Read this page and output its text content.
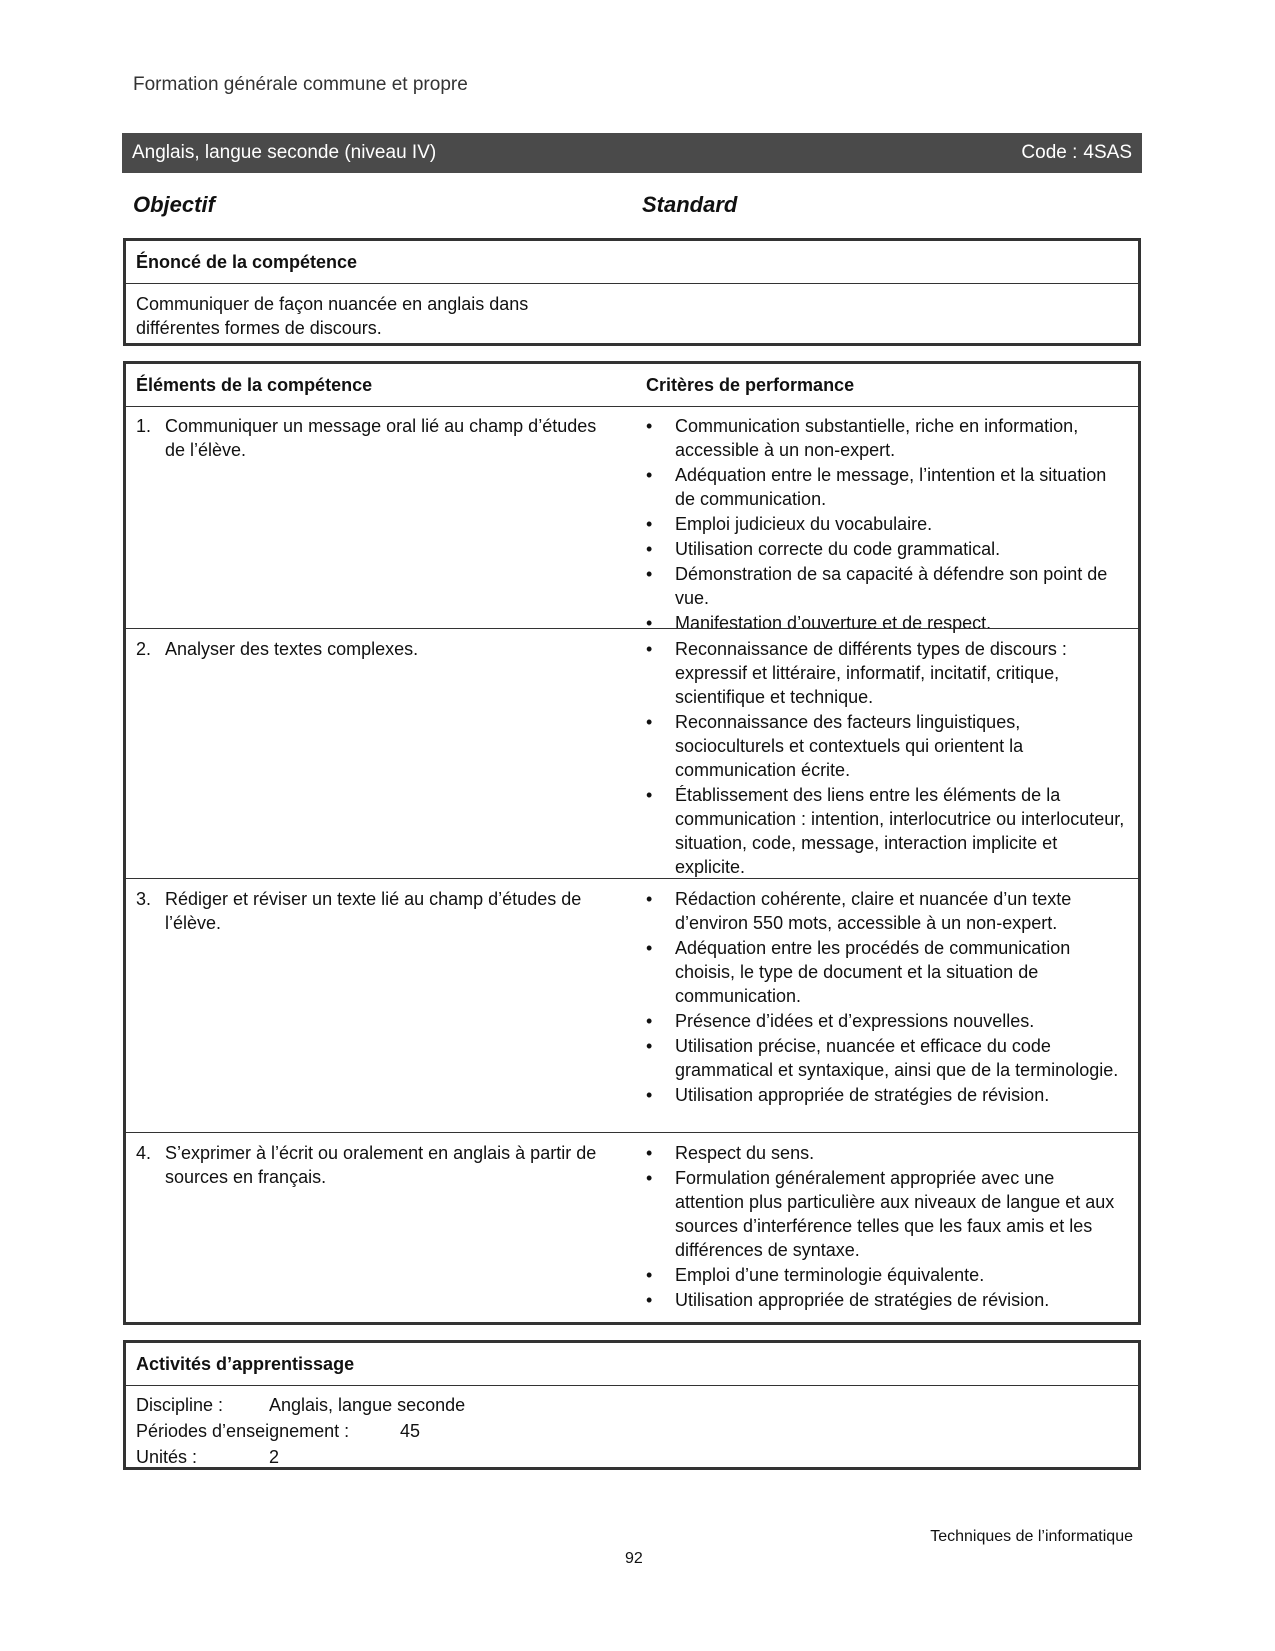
Formation générale commune et propre
Anglais, langue seconde (niveau IV)	Code : 4SAS
Objectif	Standard
Énoncé de la compétence
Communiquer de façon nuancée en anglais dans différentes formes de discours.
Éléments de la compétence	Critères de performance
1. Communiquer un message oral lié au champ d’études de l’élève.
• Communication substantielle, riche en information, accessible à un non-expert.
• Adéquation entre le message, l’intention et la situation de communication.
• Emploi judicieux du vocabulaire.
• Utilisation correcte du code grammatical.
• Démonstration de sa capacité à défendre son point de vue.
• Manifestation d’ouverture et de respect.
2. Analyser des textes complexes.
•	Reconnaissance de différents types de discours : expressif et littéraire, informatif, incitatif, critique, scientifique et technique.
• Reconnaissance des facteurs linguistiques, socioculturels et contextuels qui orientent la communication écrite.
• Établissement des liens entre les éléments de la communication : intention, interlocutrice ou interlocuteur, situation, code, message, interaction implicite et explicite.
3. Rédiger et réviser un texte lié au champ d’études de l’élève.
• Rédaction cohérente, claire et nuancée d’un texte d’environ 550 mots, accessible à un non-expert.
• Adéquation entre les procédés de communication choisis, le type de document et la situation de communication.
• Présence d’idées et d’expressions nouvelles.
• Utilisation précise, nuancée et efficace du code grammatical et syntaxique, ainsi que de la terminologie.
• Utilisation appropriée de stratégies de révision.
4. S’exprimer à l’écrit ou oralement en anglais à partir de sources en français.
• Respect du sens.
• Formulation généralement appropriée avec une attention plus particulière aux niveaux de langue et aux sources d’interférence telles que les faux amis et les différences de syntaxe.
• Emploi d’une terminologie équivalente.
• Utilisation appropriée de stratégies de révision.
Activités d’apprentissage
Discipline :	Anglais, langue seconde
Périodes d’enseignement :	45
Unités :	2
Techniques de l’informatique
92
